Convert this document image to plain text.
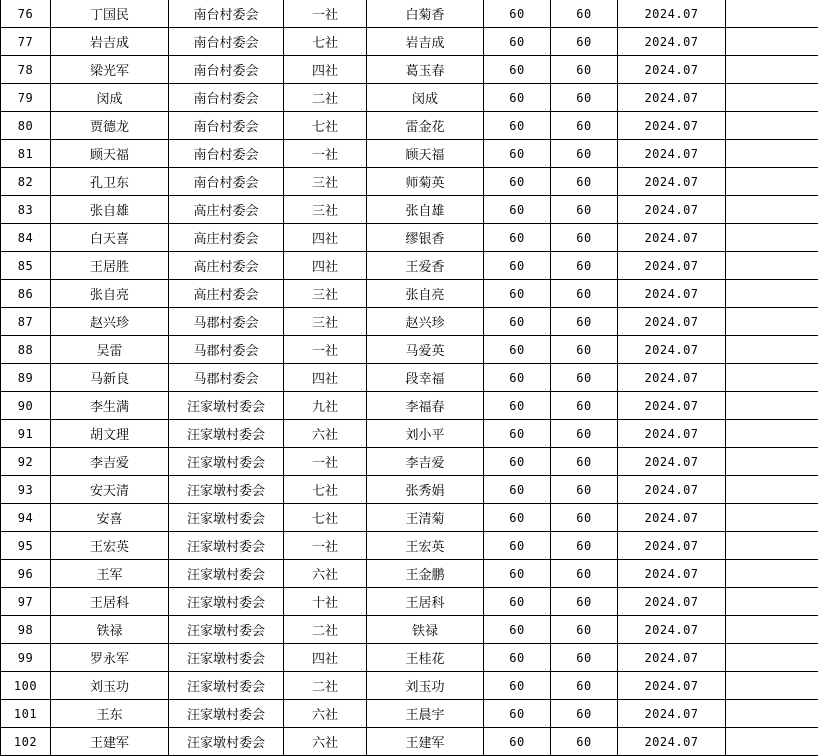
76	丁国民	南台村委会	一社	白菊香	60	60	2024.07	
77	岩吉成	南台村委会	七社	岩吉成	60	60	2024.07	
78	梁光军	南台村委会	四社	葛玉春	60	60	2024.07	
79	闵成	南台村委会	二社	闵成	60	60	2024.07	
80	贾德龙	南台村委会	七社	雷金花	60	60	2024.07	
81	顾天福	南台村委会	一社	顾天福	60	60	2024.07	
82	孔卫东	南台村委会	三社	师菊英	60	60	2024.07	
83	张自雄	高庄村委会	三社	张自雄	60	60	2024.07	
84	白天喜	高庄村委会	四社	缪银香	60	60	2024.07	
85	王居胜	高庄村委会	四社	王爱香	60	60	2024.07	
86	张自亮	高庄村委会	三社	张自亮	60	60	2024.07	
87	赵兴珍	马郡村委会	三社	赵兴珍	60	60	2024.07	
88	吴雷	马郡村委会	一社	马爱英	60	60	2024.07	
89	马新良	马郡村委会	四社	段幸福	60	60	2024.07	
90	李生满	汪家墩村委会	九社	李福春	60	60	2024.07	
91	胡文理	汪家墩村委会	六社	刘小平	60	60	2024.07	
92	李吉爱	汪家墩村委会	一社	李吉爱	60	60	2024.07	
93	安天清	汪家墩村委会	七社	张秀娟	60	60	2024.07	
94	安喜	汪家墩村委会	七社	王清菊	60	60	2024.07	
95	王宏英	汪家墩村委会	一社	王宏英	60	60	2024.07	
96	王军	汪家墩村委会	六社	王金鹏	60	60	2024.07	
97	王居科	汪家墩村委会	十社	王居科	60	60	2024.07	
98	铁禄	汪家墩村委会	二社	铁禄	60	60	2024.07	
99	罗永军	汪家墩村委会	四社	王桂花	60	60	2024.07	
100	刘玉功	汪家墩村委会	二社	刘玉功	60	60	2024.07	
101	王东	汪家墩村委会	六社	王晨宇	60	60	2024.07	
102	王建军	汪家墩村委会	六社	王建军	60	60	2024.07	
